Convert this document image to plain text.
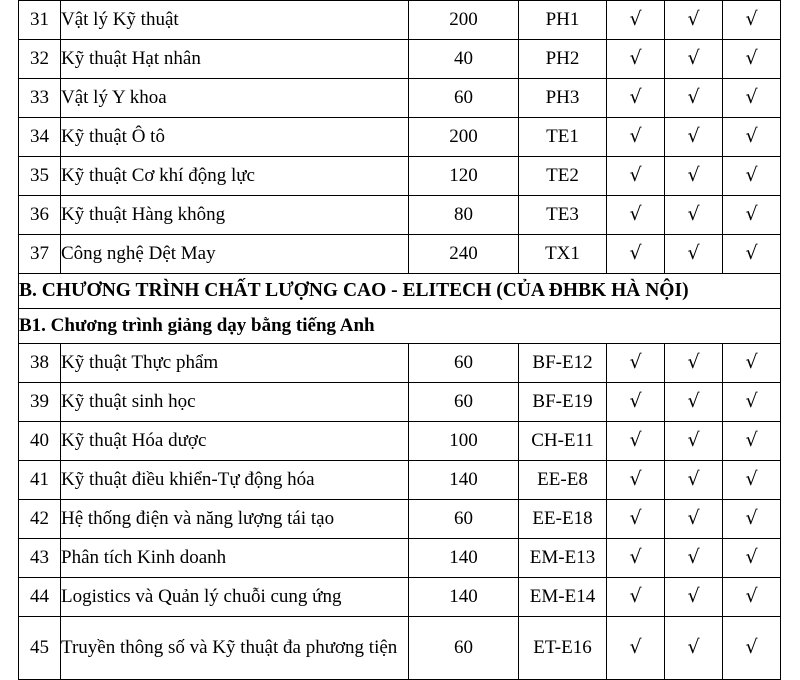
31	Vật lý Kỹ thuật	200	PH1	√	√	√
32	Kỹ thuật Hạt nhân	40	PH2	√	√	√
33	Vật lý Y khoa	60	PH3	√	√	√
34	Kỹ thuật Ô tô	200	TE1	√	√	√
35	Kỹ thuật Cơ khí động lực	120	TE2	√	√	√
36	Kỹ thuật Hàng không	80	TE3	√	√	√
37	Công nghệ Dệt May	240	TX1	√	√	√
B. CHƯƠNG TRÌNH CHẤT LƯỢNG CAO - ELITECH (CỦA ĐHBK HÀ NỘI)						
B1. Chương trình giảng dạy bằng tiếng Anh						
38	Kỹ thuật Thực phẩm	60	BF-E12	√	√	√
39	Kỹ thuật sinh học	60	BF-E19	√	√	√
40	Kỹ thuật Hóa dược	100	CH-E11	√	√	√
41	Kỹ thuật điều khiển-Tự động hóa	140	EE-E8	√	√	√
42	Hệ thống điện và năng lượng tái tạo	60	EE-E18	√	√	√
43	Phân tích Kinh doanh	140	EM-E13	√	√	√
44	Logistics và Quản lý chuỗi cung ứng	140	EM-E14	√	√	√
45	Truyền thông số và Kỹ thuật đa phương tiện	60	ET-E16	√	√	√
